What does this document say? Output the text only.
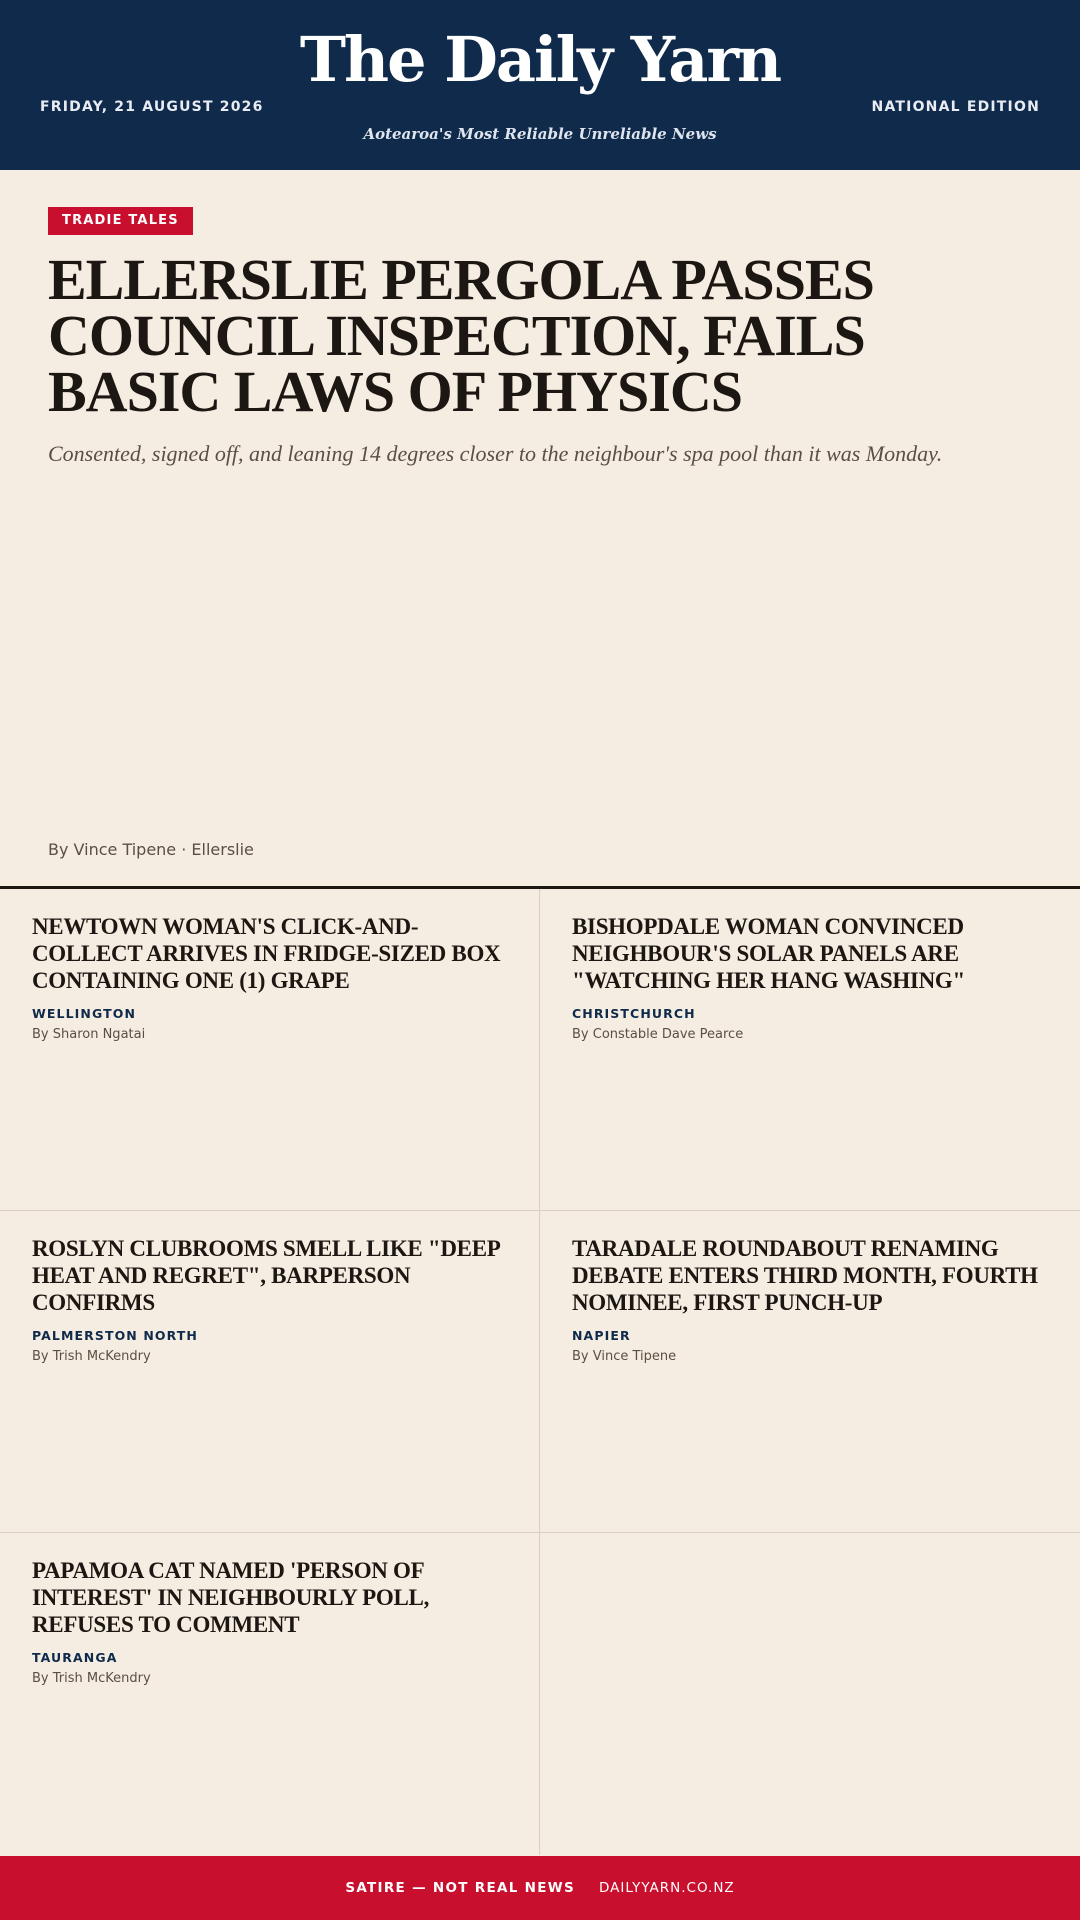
The Daily Yarn
FRIDAY, 21 AUGUST 2026	NATIONAL EDITION
Aotearoa's Most Reliable Unreliable News
TRADIE TALES
ELLERSLIE PERGOLA PASSES COUNCIL INSPECTION, FAILS BASIC LAWS OF PHYSICS

Consented, signed off, and leaning 14 degrees closer to the neighbour's spa pool than it was Monday.

By Vince Tipene · Ellerslie
NEWTOWN WOMAN'S CLICK-AND-COLLECT ARRIVES IN FRIDGE-SIZED BOX CONTAINING ONE (1) GRAPE
WELLINGTON
By Sharon Ngatai
BISHOPDALE WOMAN CONVINCED NEIGHBOUR'S SOLAR PANELS ARE "WATCHING HER HANG WASHING"
CHRISTCHURCH
By Constable Dave Pearce
ROSLYN CLUBROOMS SMELL LIKE "DEEP HEAT AND REGRET", BARPERSON CONFIRMS
PALMERSTON NORTH
By Trish McKendry
TARADALE ROUNDABOUT RENAMING DEBATE ENTERS THIRD MONTH, FOURTH NOMINEE, FIRST PUNCH-UP
NAPIER
By Vince Tipene
PAPAMOA CAT NAMED 'PERSON OF INTEREST' IN NEIGHBOURLY POLL, REFUSES TO COMMENT
TAURANGA
By Trish McKendry
SATIRE — NOT REAL NEWS DAILYYARN.CO.NZ
